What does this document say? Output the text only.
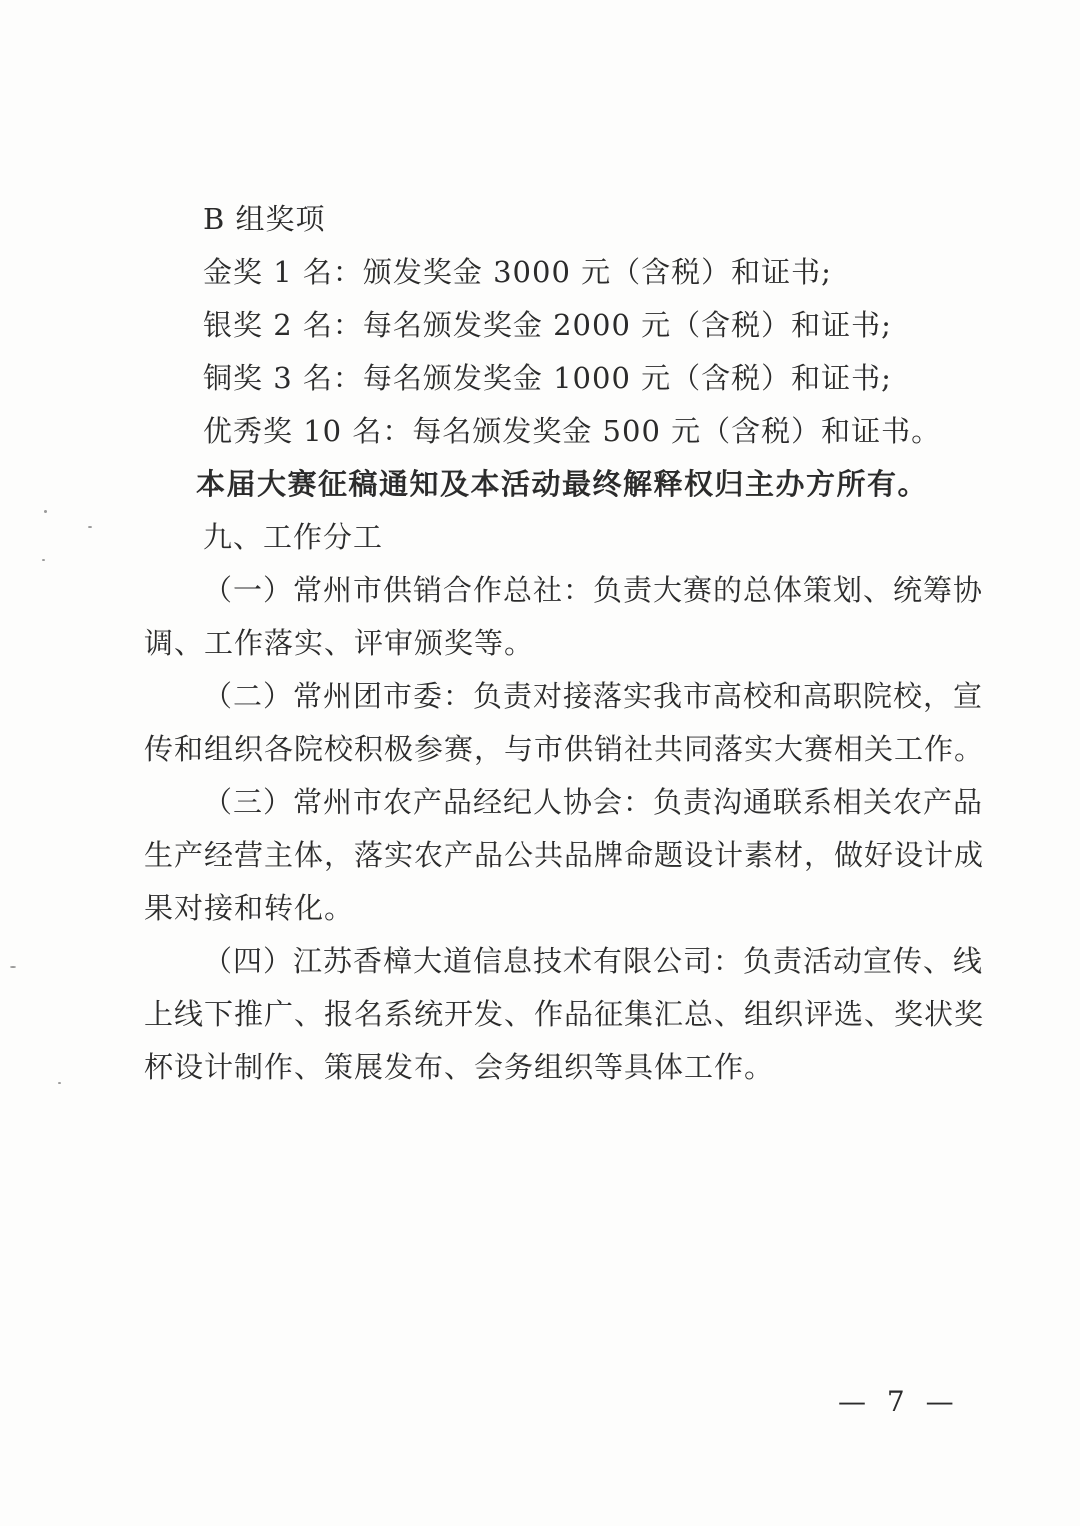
B 组奖项
金奖 1 名：颁发奖金 3000 元（含税）和证书;
银奖 2 名：每名颁发奖金 2000 元（含税）和证书;
铜奖 3 名：每名颁发奖金 1000 元（含税）和证书;
优秀奖 10 名：每名颁发奖金 500 元（含税）和证书。
本届大赛征稿通知及本活动最终解释权归主办方所有。
九、工作分工
（一）常州市供销合作总社：负责大赛的总体策划、统筹协
调、工作落实、评审颁奖等。
（二）常州团市委：负责对接落实我市高校和高职院校，宣
传和组织各院校积极参赛，与市供销社共同落实大赛相关工作。
（三）常州市农产品经纪人协会：负责沟通联系相关农产品
生产经营主体，落实农产品公共品牌命题设计素材，做好设计成
果对接和转化。
（四）江苏香樟大道信息技术有限公司：负责活动宣传、线
上线下推广、报名系统开发、作品征集汇总、组织评选、奖状奖
杯设计制作、策展发布、会务组织等具体工作。
— 7 —
